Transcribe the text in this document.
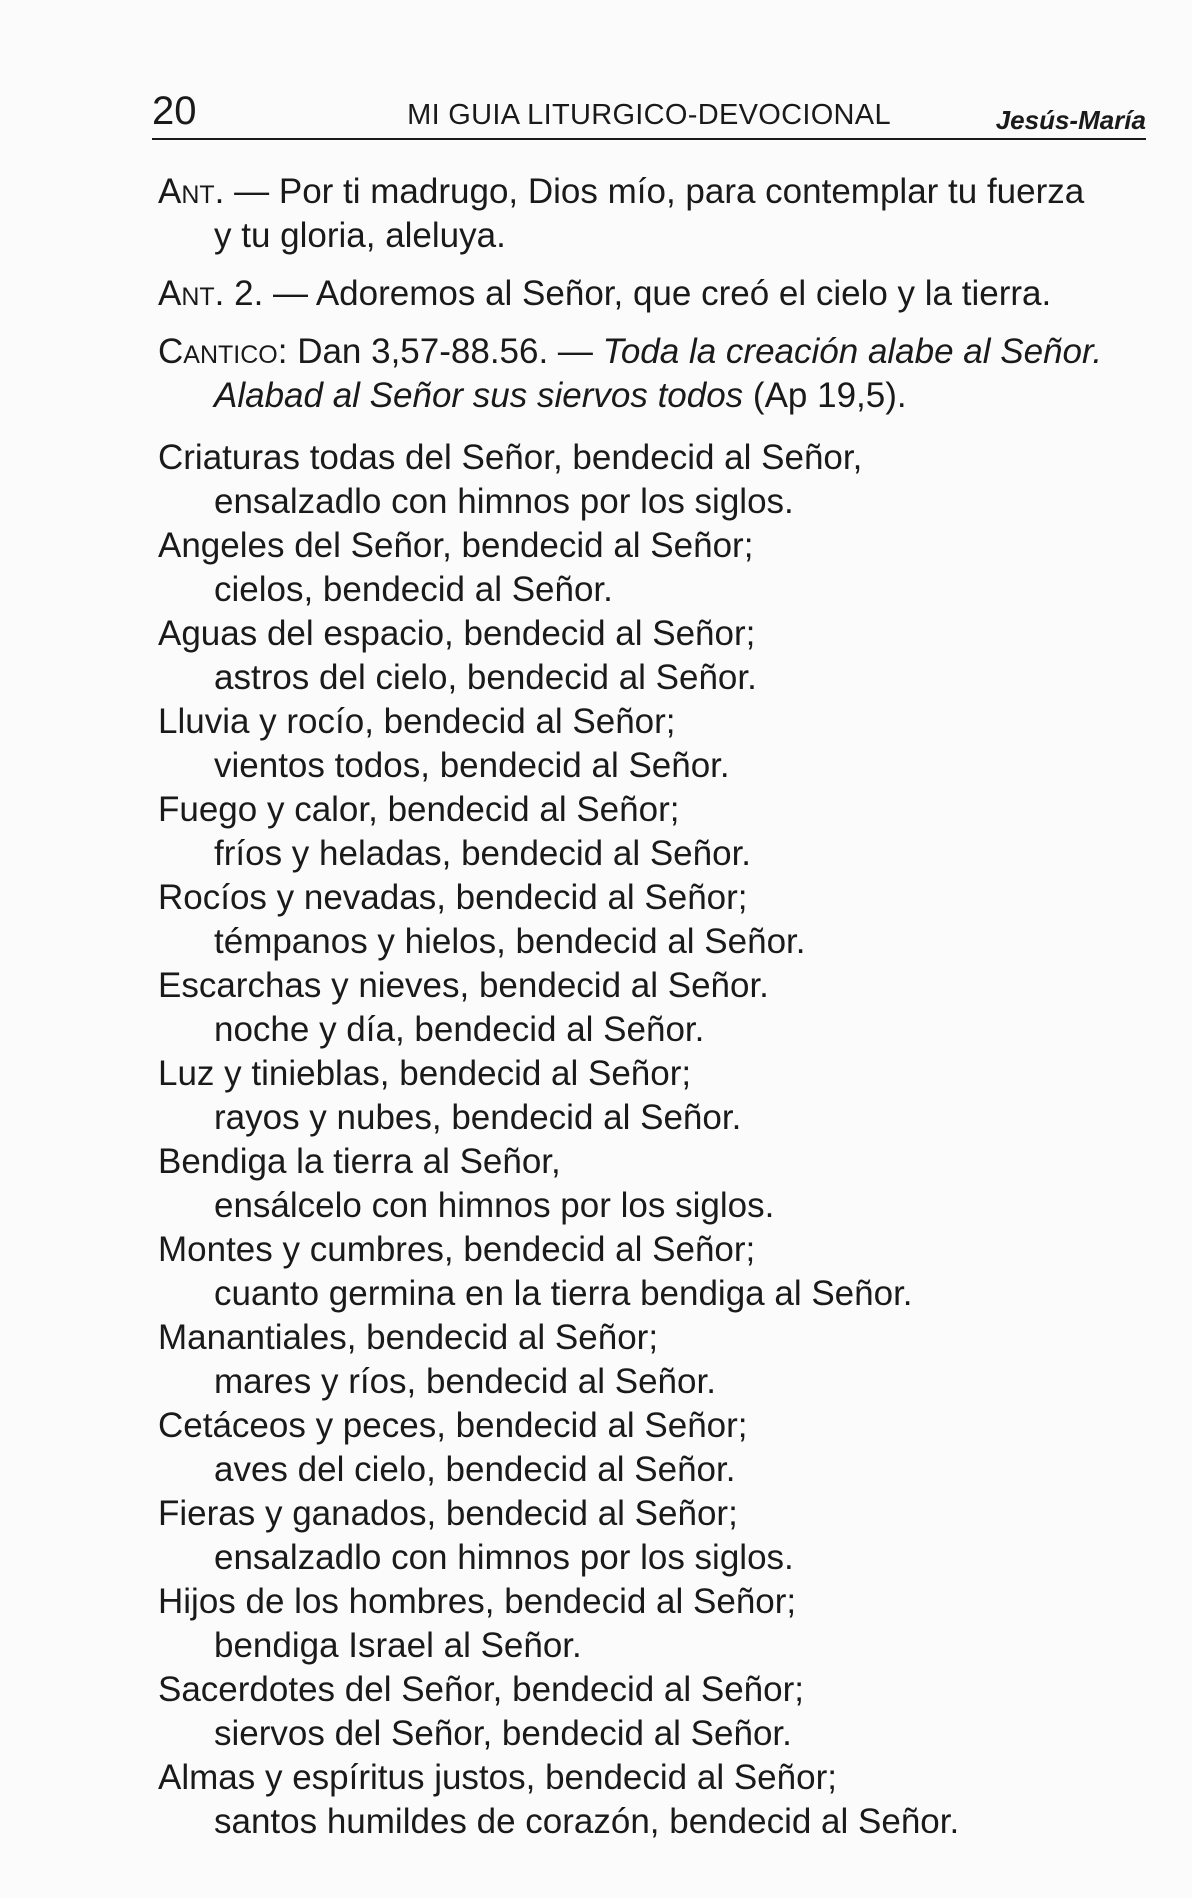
20	MI GUIA LITURGICO-DEVOCIONAL	Jesús-María

Ant. — Por ti madrugo, Dios mío, para contemplar tu fuerza
y tu gloria, aleluya.

Ant. 2. — Adoremos al Señor, que creó el cielo y la tierra.

Cantico: Dan 3,57-88.56. — Toda la creación alabe al Señor.
Alabad al Señor sus siervos todos (Ap 19,5).

Criaturas todas del Señor, bendecid al Señor,
ensalzadlo con himnos por los siglos.

Angeles del Señor, bendecid al Señor;
cielos, bendecid al Señor.

Aguas del espacio, bendecid al Señor;
astros del cielo, bendecid al Señor.

Lluvia y rocío, bendecid al Señor;
vientos todos, bendecid al Señor.

Fuego y calor, bendecid al Señor;
fríos y heladas, bendecid al Señor.

Rocíos y nevadas, bendecid al Señor;
témpanos y hielos, bendecid al Señor.

Escarchas y nieves, bendecid al Señor.
noche y día, bendecid al Señor.

Luz y tinieblas, bendecid al Señor;
rayos y nubes, bendecid al Señor.

Bendiga la tierra al Señor,
ensálcelo con himnos por los siglos.

Montes y cumbres, bendecid al Señor;
cuanto germina en la tierra bendiga al Señor.

Manantiales, bendecid al Señor;
mares y ríos, bendecid al Señor.

Cetáceos y peces, bendecid al Señor;
aves del cielo, bendecid al Señor.

Fieras y ganados, bendecid al Señor;
ensalzadlo con himnos por los siglos.

Hijos de los hombres, bendecid al Señor;
bendiga Israel al Señor.

Sacerdotes del Señor, bendecid al Señor;
siervos del Señor, bendecid al Señor.

Almas y espíritus justos, bendecid al Señor;
santos humildes de corazón, bendecid al Señor.
